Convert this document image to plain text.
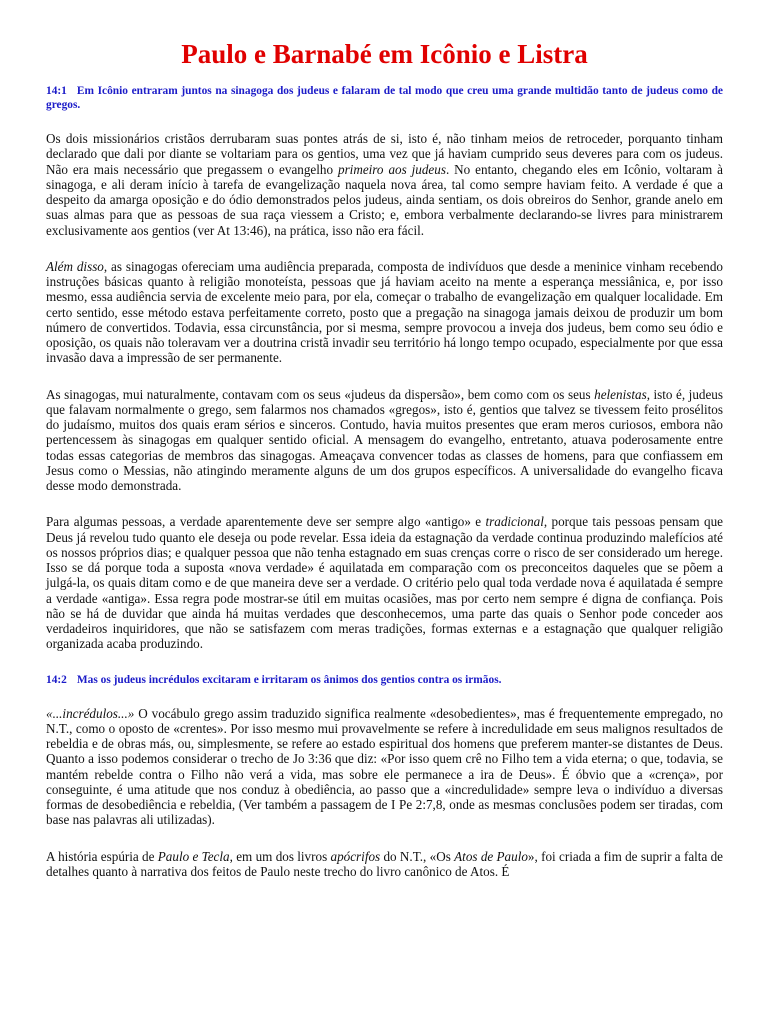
Paulo e Barnabé em Icônio e Listra

14:1 Em Icônio entraram juntos na sinagoga dos judeus e falaram de tal modo que creu uma grande multidão tanto de judeus como de gregos.

Os dois missionários cristãos derrubaram suas pontes atrás de si, isto é, não tinham meios de retroceder, porquanto tinham declarado que dali por diante se voltariam para os gentios, uma vez que já haviam cumprido seus deveres para com os judeus. Não era mais necessário que pregassem o evangelho primeiro aos judeus. No entanto, chegando eles em Icônio, voltaram à sinagoga, e ali deram início à tarefa de evangelização naquela nova área, tal como sempre haviam feito. A verdade é que a despeito da amarga oposição e do ódio demonstrados pelos judeus, ainda sentiam, os dois obreiros do Senhor, grande anelo em suas almas para que as pessoas de sua raça viessem a Cristo; e, embora verbalmente declarando-se livres para ministrarem exclusivamente aos gentios (ver At 13:46), na prática, isso não era fácil.

Além disso, as sinagogas ofereciam uma audiência preparada, composta de indivíduos que desde a meninice vinham recebendo instruções básicas quanto à religião monoteísta, pessoas que já haviam aceito na mente a esperança messiânica, e, por isso mesmo, essa audiência servia de excelente meio para, por ela, começar o trabalho de evangelização em qualquer localidade. Em certo sentido, esse método estava perfeitamente correto, posto que a pregação na sinagoga jamais deixou de produzir um bom número de convertidos. Todavia, essa circunstância, por si mesma, sempre provocou a inveja dos judeus, bem como seu ódio e oposição, os quais não toleravam ver a doutrina cristã invadir seu território há longo tempo ocupado, especialmente por que essa invasão dava a impressão de ser permanente.

As sinagogas, mui naturalmente, contavam com os seus «judeus da dispersão», bem como com os seus helenistas, isto é, judeus que falavam normalmente o grego, sem falarmos nos chamados «gregos», isto é, gentios que talvez se tivessem feito prosélitos do judaísmo, muitos dos quais eram sérios e sinceros. Contudo, havia muitos presentes que eram meros curiosos, embora não pertencessem às sinagogas em qualquer sentido oficial. A mensagem do evangelho, entretanto, atuava poderosamente entre todas essas categorias de membros das sinagogas. Ameaçava convencer todas as classes de homens, para que confiassem em Jesus como o Messias, não atingindo meramente alguns de um dos grupos específicos. A universalidade do evangelho ficava desse modo demonstrada.

Para algumas pessoas, a verdade aparentemente deve ser sempre algo «antigo» e tradicional, porque tais pessoas pensam que Deus já revelou tudo quanto ele deseja ou pode revelar. Essa ideia da estagnação da verdade continua produzindo malefícios até os nossos próprios dias; e qualquer pessoa que não tenha estagnado em suas crenças corre o risco de ser considerado um herege. Isso se dá porque toda a suposta «nova verdade» é aquilatada em comparação com os preconceitos daqueles que se põem a julgá-la, os quais ditam como e de que maneira deve ser a verdade. O critério pelo qual toda verdade nova é aquilatada é sempre a verdade «antiga». Essa regra pode mostrar-se útil em muitas ocasiões, mas por certo nem sempre é digna de confiança. Pois não se há de duvidar que ainda há muitas verdades que desconhecemos, uma parte das quais o Senhor pode conceder aos verdadeiros inquiridores, que não se satisfazem com meras tradições, formas externas e a estagnação que qualquer religião organizada acaba produzindo.

14:2 Mas os judeus incrédulos excitaram e irritaram os ânimos dos gentios contra os irmãos.

«...incrédulos...» O vocábulo grego assim traduzido significa realmente «desobedientes», mas é frequentemente empregado, no N.T., como o oposto de «crentes». Por isso mesmo mui provavelmente se refere à incredulidade em seus malignos resultados de rebeldia e de obras más, ou, simplesmente, se refere ao estado espiritual dos homens que preferem manter-se distantes de Deus. Quanto a isso podemos considerar o trecho de Jo 3:36 que diz: «Por isso quem crê no Filho tem a vida eterna; o que, todavia, se mantém rebelde contra o Filho não verá a vida, mas sobre ele permanece a ira de Deus». É óbvio que a «crença», por conseguinte, é uma atitude que nos conduz à obediência, ao passo que a «incredulidade» sempre leva o indivíduo a diversas formas de desobediência e rebeldia, (Ver também a passagem de I Pe 2:7,8, onde as mesmas conclusões podem ser tiradas, com base nas palavras ali utilizadas).

A história espúria de Paulo e Tecla, em um dos livros apócrifos do N.T., «Os Atos de Paulo», foi criada a fim de suprir a falta de detalhes quanto à narrativa dos feitos de Paulo neste trecho do livro canônico de Atos. É
